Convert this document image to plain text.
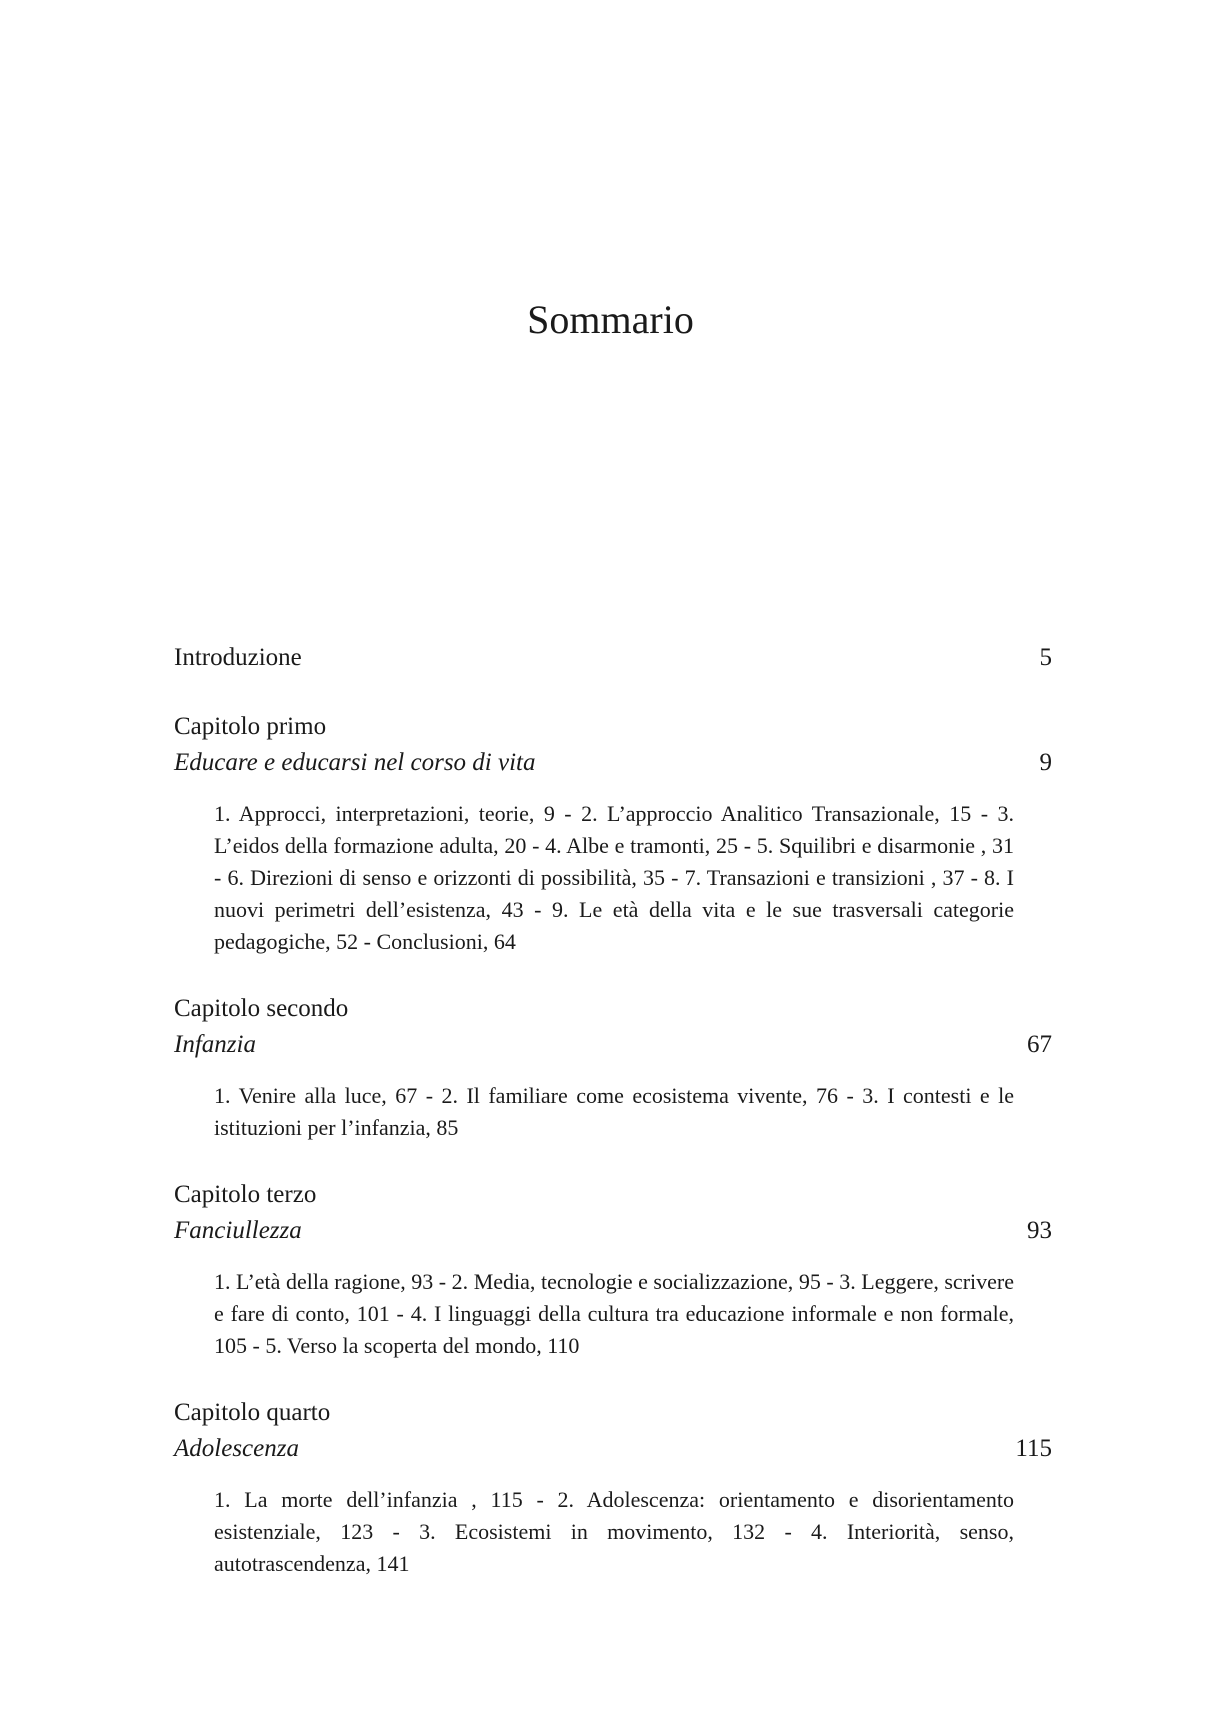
Sommario
Introduzione	5
Capitolo primo
Educare e educarsi nel corso di vita	9
1. Approcci, interpretazioni, teorie, 9 - 2. L’approccio Analitico Transazionale, 15 - 3. L’eidos della formazione adulta, 20 - 4. Albe e tramonti, 25 - 5. Squilibri e disarmonie , 31 - 6. Direzioni di senso e orizzonti di possibilità, 35 - 7. Transazioni e transizioni , 37 - 8. I nuovi perimetri dell’esistenza, 43 - 9. Le età della vita e le sue trasversali categorie pedagogiche, 52 - Conclusioni, 64
Capitolo secondo
Infanzia	67
1. Venire alla luce, 67 - 2. Il familiare come ecosistema vivente, 76 - 3. I contesti e le istituzioni per l’infanzia, 85
Capitolo terzo
Fanciullezza	93
1. L’età della ragione, 93 - 2. Media, tecnologie e socializzazione, 95 - 3. Leggere, scrivere e fare di conto, 101 - 4. I linguaggi della cultura tra educazione informale e non formale, 105 - 5. Verso la scoperta del mondo, 110
Capitolo quarto
Adolescenza	115
1. La morte dell’infanzia , 115 - 2. Adolescenza: orientamento e disorientamento esistenziale, 123 - 3. Ecosistemi in movimento, 132 - 4. Interiorità, senso, autotrascendenza, 141
